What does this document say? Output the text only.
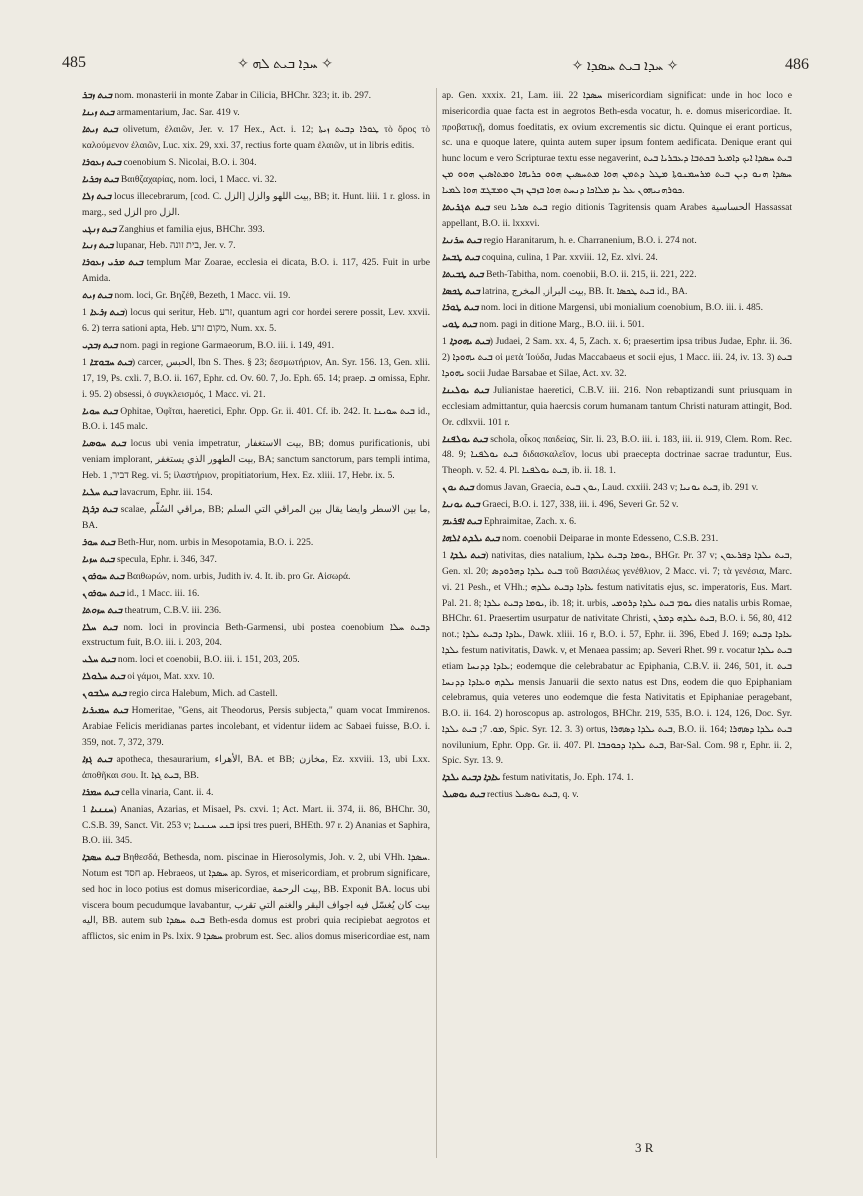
485	✧ ܚܕܐ ܒܝܬ ܠܗ ✧	✧ ܚܕܐ ܒܝܬ ܚܣܕܐ ✧	486

ܒܝܬ ܙܒܪ nom. monasterii in monte Zabar in Cilicia, BHChr. 323; it. ib. 297.

ܒܝܬ ܙܝܢܐ armamentarium, Jac. Sar. 419 v.

ܒܝܬ ܙܝܬܐ olivetum, ἐλαιῶν, Jer. v. 17 Hex., Act. i. 12; ܛܘܪܐ ܕܒܝܬ ܙܝܬܐ τὸ ὄρος τὸ καλούμενον ἐλαιῶν, Luc. xix. 29, xxi. 37, rectius forte quam ἐλαιῶν, ut in libris editis.

ܒܝܬ ܙܥܘܪܐ coenobium S. Nicolai, B.O. i. 304.

ܒܝܬ ܙܟܪܝܐ Βαιθζαχαρίας, nom. loci, 1 Macc. vi. 32.

ܒܝܬ ܙܠܐ locus illecebrarum, [cod. C. الزل] بيت اللهو والزل, BB; it. Hunt. liii. 1 r. gloss. in marg., sed الزل pro الزل.

ܒܝܬ ܙܢܓܝ Zanghius et familia ejus, BHChr. 393.

ܒܝܬ ܙܢܝܐ lupanar, Heb. בית זונה, Jer. v. 7.

ܒܝܬ ܡܪܝ ܙܥܘܪܐ templum Mar Zoarae, ecclesia ei dicata, B.O. i. 117, 425. Fuit in urbe Amida.

ܒܝܬ ܙܝܬ nom. loci, Gr. Βηζέθ, Bezeth, 1 Macc. vii. 19.

ܒܝܬ ܙܪܥܐ 1) locus qui seritur, Heb. זרע, quantum agri cor hordei serere possit, Lev. xxvii. 6. 2) terra sationi apta, Heb. מקום זרע, Num. xx. 5.

ܒܝܬ ܙܒܕܝ nom. pagi in regione Garmaeorum, B.O. iii. i. 149, 491.

ܒܝܬ ܚܒܘܫܐ 1) carcer, الحبس, Ibn S. Thes. § 23; δεσμωτήριον, An. Syr. 156. 13, Gen. xlii. 17, 19, Ps. cxli. 7, B.O. ii. 167, Ephr. cd. Ov. 60. 7, Jo. Eph. 65. 14; praep. ܒ omissa, Ephr. i. 95. 2) obsessi, ὁ συγκλεισμός, 1 Macc. vi. 21.

ܒܝܬ ܚܘܝܐ Ophitae, Ὀφῖται, haeretici, Ephr. Opp. Gr. ii. 401. Cf. ib. 242. It. ܒܝܬ ܚܘܝܢܐ id., B.O. i. 145 malc.

ܒܝܬ ܚܘܣܝܐ locus ubi venia impetratur, بيت الاستغفار, BB; domus purificationis, ubi veniam implorant, بيت الطهور الذي يستغفر, BA; sanctum sanctorum, pars templi intima, Heb. דביר, 1 Reg. vi. 5; ἱλαστήριον, propitiatorium, Hex. Ez. xliii. 17, Hebr. ix. 5.

ܒܝܬ ܚܠܝܐ lavacrum, Ephr. iii. 154.

ܒܝܬ ܕܪܓܐ scalae, مراقي السُلّم, BB; ما بين الاسطر وايضا يقال بين المراقي التي السلم, BA.

ܒܝܬ ܚܘܪ Beth-Hur, nom. urbis in Mesopotamia, B.O. i. 225.

ܒܝܬ ܚܙܝܐ specula, Ephr. i. 346, 347.

ܒܝܬ ܚܘܪܘܢ Βαιθωρών, nom. urbis, Judith iv. 4. It. ib. pro Gr. Αἰσωρά.

ܒܝܬ ܚܘܪܘܢ id., 1 Macc. iii. 16.

ܒܝܬ ܚܙܘܬܐ theatrum, C.B.V. iii. 236.

ܒܝܬ ܚܠܐ nom. loci in provincia Beth-Garmensi, ubi postea coenobium ܕܒܝܬ ܚܠܐ exstructum fuit, B.O. iii. i. 203, 204.

ܒܝܬ ܚܠܝ nom. loci et coenobii, B.O. iii. i. 151, 203, 205.

ܒܝܬ ܚܠܘܠܐ οἱ γάμοι, Mat. xxv. 10.

ܒܝܬ ܚܠܒܘܢ regio circa Halebum, Mich. ad Castell.

ܒܝܬ ܚܡܝܪܝܐ Homeritae, "Gens, ait Theodorus, Persis subjecta," quam vocat Immirenos. Arabiae Felicis meridianas partes incolebant, et videntur iidem ac Sabaei fuisse, B.O. i. 359, not. 7, 372, 379.

ܒܝܬ ܓܙܐ apotheca, thesaurarium, الأهراء, BA. et BB; مخازن, Ez. xxviii. 13, ubi Lxx. ἀποθῆκαι σου. It. ܒܝܬ ܓܙܐ, BB.

ܒܝܬ ܚܡܪܐ cella vinaria, Cant. ii. 4.

ܚܢܢܝܐ 1) Ananias, Azarias, et Misael, Ps. cxvi. 1; Act. Mart. ii. 374, ii. 86, BHChr. 30, C.S.B. 39, Sanct. Vit. 253 v; ܒܢܝ ܚܢܢܝܐ ipsi tres pueri, BHEth. 97 r. 2) Ananias et Saphira, B.O. iii. 345.

ܒܝܬ ܚܣܕܐ Βηθεσδά, Bethesda, nom. piscinae in Hierosolymis, Joh. v. 2, ubi VHh. ܚܣܕܐ. Notum est חסד ap. Hebraeos, ut ܚܣܕܐ ap. Syros, et misericordiam, et probrum significare, sed hoc in loco potius est domus misericordiae, بيت الرحمة, BB. Exponit BA. locus ubi viscera boum pecudumque lavabantur, بيت كان يُغسّل فيه اجواف البقر والغنم التي تقرب اليه, BB. autem sub ܒܝܬ ܚܣܕܐ Beth-esda domus est probri quia recipiebat aegrotos et afflictos, sic enim in Ps. lxix. 9 ܚܣܕܐ probrum est. Sec. alios domus misericordiae est, nam

ap. Gen. xxxix. 21, Lam. iii. 22 ܚܣܕܐ misericordiam significat: unde in hoc loco e misericordia quae facta est in aegrotos Beth-esda vocatur, h. e. domus misericordiae. It. προβατικῇ, domus foeditatis, ex ovium excrementis sic dictu. Quinque ei erant porticus, sc. una e quoque latere, quinta autem super ipsum fontem aedificata. Denique erant qui hunc locum e vero Scripturae textu esse negaverint, ܒܝܬ ܚܣܕܐ ܐܝܟ ܕܐܡܝܪ ܒܟܬܒܐ ܕܥܒܪܝܐ ܒܝܬ ܚܣܕܐ ܗܢܘ ܕܝܢ ܒܝܬ ܡܪܚܡܢܘܬܐ ܡܛܠ ܕܬܡܢ ܗܘܐ ܡܬܚܣܝܢ ܗܘܘ ܟܪܝܗܐ ܘܡܬܐܣܝܢ ܗܘܘ ܡܢ ܟܘܪܗܢܝܗܘܢ ܥܠ ܝܕ ܡܠܐܟܐ ܕܢܚܬ ܗܘܐ ܒܙܒܢ ܙܒܢ ܘܡܫܓܫ ܗܘܐ ܠܡܝܐ.

ܒܝܬ ܬܓܪܝܬܐ seu ܒܝܬ ܣܪܝܐ regio ditionis Tagritensis quam Arabes الحساسية Hassassat appellant, B.O. ii. lxxxvi.

ܒܝܬ ܚܪܢܝܐ regio Haranitarum, h. e. Charranenium, B.O. i. 274 not.

ܒܝܬ ܛܒܚܐ coquina, culina, 1 Par. xxviii. 12, Ez. xlvi. 24.

ܒܝܬ ܛܒܝܬܐ Beth-Tabitha, nom. coenobii, B.O. ii. 215, ii. 221, 222.

ܒܝܬ ܛܟܣܐ latrina, بيت البراز, المخرج, BB. It. ܒܝܬ ܛܟܣܐ id., BA.

ܒܝܬ ܛܘܪܐ nom. loci in ditione Margensi, ubi monialium coenobium, B.O. iii. i. 485.

ܒܝܬ ܛܘܝ nom. pagi in ditione Marg., B.O. iii. i. 501.

ܒܝܬ ܝܗܘܕܐ 1) Judaei, 2 Sam. xx. 4, 5, Zach. x. 6; praesertim ipsa tribus Judae, Ephr. ii. 36. 2) ܒܝܬ ܝܗܘܕܐ οἱ μετὰ Ἰούδα, Judas Maccabaeus et socii ejus, 1 Macc. iii. 24, iv. 13. 3) ܒܝܬ ܝܗܘܕܐ socii Judae Barsabae et Silae, Act. xv. 32.

ܒܝܬ ܝܘܠܝܢܐ Julianistae haeretici, C.B.V. iii. 216. Non rebaptizandi sunt priusquam in ecclesiam admittantur, quia haercsis corum humanam tantum Christi naturam attingit, Bod. Or. cdlxvii. 101 r.

ܒܝܬ ܝܘܠܦܢܐ schola, οἶκος παιδείας, Sir. li. 23, B.O. iii. i. 183, iii. ii. 919, Clem. Rom. Rec. 48. 9; ܒܝܬ ܝܘܠܦܢܐ διδασκαλεῖον, locus ubi praecepta doctrinae sacrae traduntur, Eus. Theoph. v. 52. 4. Pl. ܒܝܬ ܝܘܠܦܢܐ, ib. ii. 18. 1.

ܒܝܬ ܝܘܢ domus Javan, Graecia, ܝܘܢ ܒܝܬ, Laud. cxxiii. 243 v; ܒܝܬ ܝܘܢܝܐ, ib. 291 v.

ܒܝܬ ܝܘܢܝܐ Graeci, B.O. i. 127, 338, iii. i. 496, Severi Gr. 52 v.

ܒܝܬ ܐܦܪܝܡ Ephraimitae, Zach. x. 6.

ܒܝܬ ܝܠܕܬ ܐܠܗܐ nom. coenobii Deiparae in monte Edesseno, C.S.B. 231.

ܒܝܬ ܝܠܕܐ 1) nativitas, dies natalium, ܝܘܡܐ ܕܒܝܬ ܝܠܕܐ, BHGr. Pr. 37 v; ܒܝܬ ܝܠܕܐ ܕܦܪܥܘܢ, Gen. xl. 20; ܒܝܬ ܝܠܕܐ ܕܗܪܘܕܣ τοῦ Βασιλέως γενέθλιον, 2 Macc. vi. 7; τὰ γενέσια, Marc. vi. 21 Pesh., et VHh.; ܥܐܕܐ ܕܒܝܬ ܝܠܕܗ festum nativitatis ejus, sc. imperatoris, Eus. Mart. Pal. 21. 8; ܝܘܡܐ ܕܒܝܬ ܝܠܕܐ, ib. 18; it. urbis, ܝܘܡ ܒܝܬ ܝܠܕܐ ܕܪܘܡܝ dies natalis urbis Romae, BHChr. 61. Praesertim usurpatur de nativitate Christi, ܒܝܬ ܝܠܕܗ ܕܡܪܢ, B.O. i. 56, 80, 412 not.; ܥܐܕܐ ܕܒܝܬ ܝܠܕܐ, Dawk. xliii. 16 r, B.O. i. 57, Ephr. ii. 396, Ebed J. 169; ܥܐܕܐ ܕܒܝܬ ܝܠܕܐ festum nativitatis, Dawk. v, et Menaea passim; ap. Severi Rhet. 99 r. vocatur ܒܝܬ ܝܠܕܐ etiam ܥܐܕܐ ܕܕܢܚܐ; eodemque die celebrabatur ac Epiphania, C.B.V. ii. 246, 501, it. ܒܝܬ ܝܠܕܗ ܘܥܐܕܐ ܕܕܢܚܐ mensis Januarii die sexto natus est Dns, eodem die quo Epiphaniam celebramus, quia veteres uno eodemque die festa Nativitatis et Epiphaniae peragebant, B.O. ii. 164. 2) horoscopus ap. astrologos, BHChr. 219, 535, B.O. i. 124, 126, Doc. Syr. ܡܘ. 7; ܒܝܬ ܝܠܕܐ, Spic. Syr. 12. 3. 3) ortus, ܒܝܬ ܝܠܕܐ ܕܣܗܪܐ, B.O. ii. 164; ܒܝܬ ܝܠܕܐ ܕܣܗܪܐ novilunium, Ephr. Opp. Gr. ii. 407. Pl. ܒܝܬ ܝܠܕܐ ܕܟܘܟܒܐ, Bar-Sal. Com. 98 r, Ephr. ii. 2, Spic. Syr. 13. 9.

ܥܐܕܐ ܕܒܝܬ ܝܠܕܐ festum nativitatis, Jo. Eph. 174. 1.

ܒܝܬ ܝܘܣܝܠ rectius ܒܝܬ ܝܘܣܝܠ, q. v.

3 R
